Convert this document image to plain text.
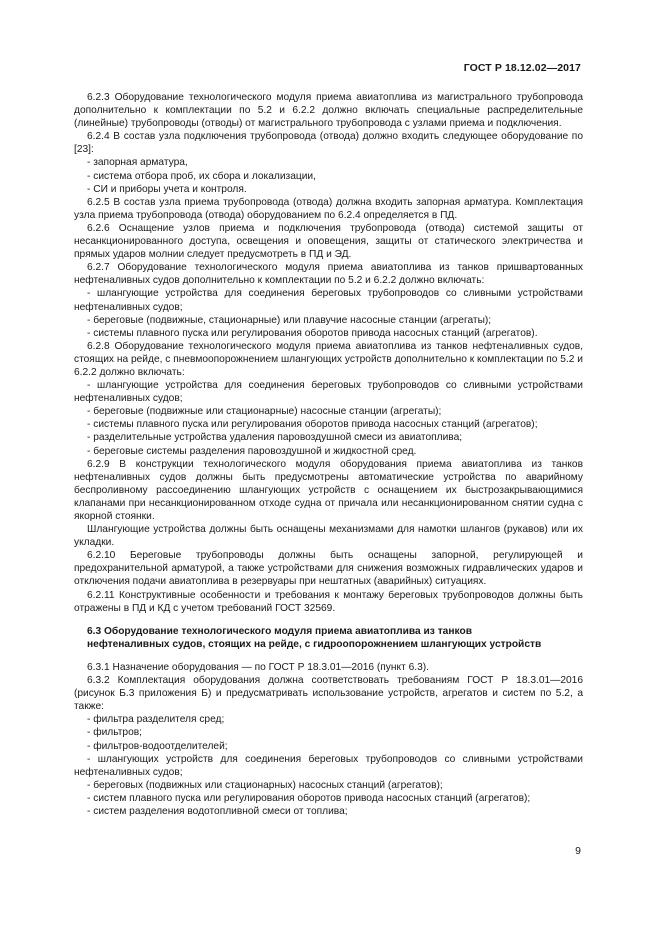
ГОСТ Р 18.12.02—2017

6.2.3 Оборудование технологического модуля приема авиатоплива из магистрального трубопровода дополнительно к комплектации по 5.2 и 6.2.2 должно включать специальные распределительные (линейные) трубопроводы (отводы) от магистрального трубопровода с узлами приема и подключения.

6.2.4 В состав узла подключения трубопровода (отвода) должно входить следующее оборудование по [23]:

- запорная арматура,

- система отбора проб, их сбора и локализации,

- СИ и приборы учета и контроля.

6.2.5 В состав узла приема трубопровода (отвода) должна входить запорная арматура. Комплектация узла приема трубопровода (отвода) оборудованием по 6.2.4 определяется в ПД.

6.2.6 Оснащение узлов приема и подключения трубопровода (отвода) системой защиты от несанкционированного доступа, освещения и оповещения, защиты от статического электричества и прямых ударов молнии следует предусмотреть в ПД и ЭД.

6.2.7 Оборудование технологического модуля приема авиатоплива из танков пришвартованных нефтеналивных судов дополнительно к комплектации по 5.2 и 6.2.2 должно включать:

- шлангующие устройства для соединения береговых трубопроводов со сливными устройствами нефтеналивных судов;

- береговые (подвижные, стационарные) или плавучие насосные станции (агрегаты);

- системы плавного пуска или регулирования оборотов привода насосных станций (агрегатов).

6.2.8 Оборудование технологического модуля приема авиатоплива из танков нефтеналивных судов, стоящих на рейде, с пневмоопорожнением шлангующих устройств дополнительно к комплектации по 5.2 и 6.2.2 должно включать:

- шлангующие устройства для соединения береговых трубопроводов со сливными устройствами нефтеналивных судов;

- береговые (подвижные или стационарные) насосные станции (агрегаты);

- системы плавного пуска или регулирования оборотов привода насосных станций (агрегатов);

- разделительные устройства удаления паровоздушной смеси из авиатоплива;

- береговые системы разделения паровоздушной и жидкостной сред.

6.2.9 В конструкции технологического модуля оборудования приема авиатоплива из танков нефтеналивных судов должны быть предусмотрены автоматические устройства по аварийному беспроливному рассоединению шлангующих устройств с оснащением их быстрозакрывающимися клапанами при несанкционированном отходе судна от причала или несанкционированном снятии судна с якорной стоянки.

Шлангующие устройства должны быть оснащены механизмами для намотки шлангов (рукавов) или их укладки.

6.2.10 Береговые трубопроводы должны быть оснащены запорной, регулирующей и предохранительной арматурой, а также устройствами для снижения возможных гидравлических ударов и отключения подачи авиатоплива в резервуары при нештатных (аварийных) ситуациях.

6.2.11 Конструктивные особенности и требования к монтажу береговых трубопроводов должны быть отражены в ПД и КД с учетом требований ГОСТ 32569.

6.3 Оборудование технологического модуля приема авиатоплива из танков

нефтеналивных судов, стоящих на рейде, с гидроопорожнением шлангующих устройств

6.3.1 Назначение оборудования — по ГОСТ Р 18.3.01—2016 (пункт 6.3).

6.3.2 Комплектация оборудования должна соответствовать требованиям ГОСТ Р 18.3.01—2016 (рисунок Б.3 приложения Б) и предусматривать использование устройств, агрегатов и систем по 5.2, а также:

- фильтра разделителя сред;

- фильтров;

- фильтров-водоотделителей;

- шлангующих устройств для соединения береговых трубопроводов со сливными устройствами нефтеналивных судов;

- береговых (подвижных или стационарных) насосных станций (агрегатов);

- систем плавного пуска или регулирования оборотов привода насосных станций (агрегатов);

- систем разделения водотопливной смеси от топлива;

9
